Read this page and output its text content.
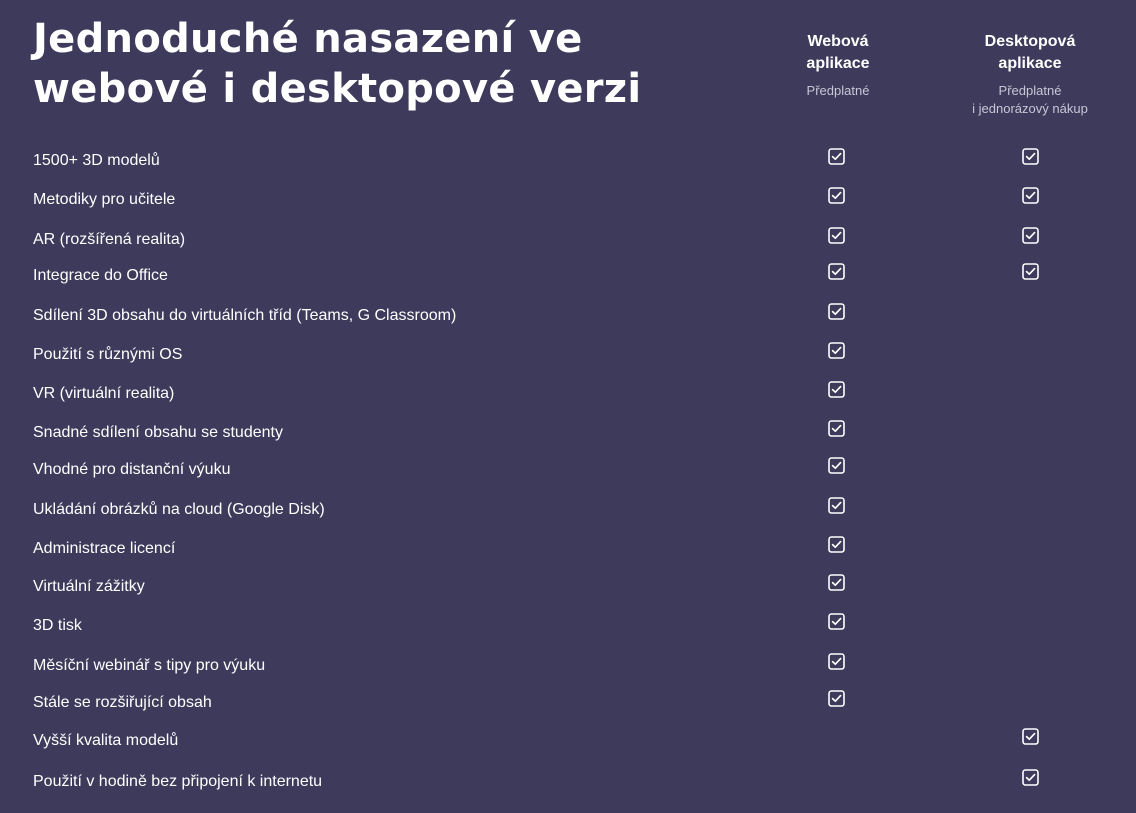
Jednoduché nasazení ve webové i desktopové verzi
Webová
aplikace
Předplatné
Desktopová
aplikace
Předplatné
i jednorázový nákup
1500+ 3D modelů
Metodiky pro učitele
AR (rozšířená realita)
Integrace do Office
Sdílení 3D obsahu do virtuálních tříd (Teams, G Classroom)
Použití s různými OS
VR (virtuální realita)
Snadné sdílení obsahu se studenty
Vhodné pro distanční výuku
Ukládání obrázků na cloud (Google Disk)
Administrace licencí
Virtuální zážitky
3D tisk
Měsíční webinář s tipy pro výuku
Stále se rozšiřující obsah
Vyšší kvalita modelů
Použití v hodině bez připojení k internetu
